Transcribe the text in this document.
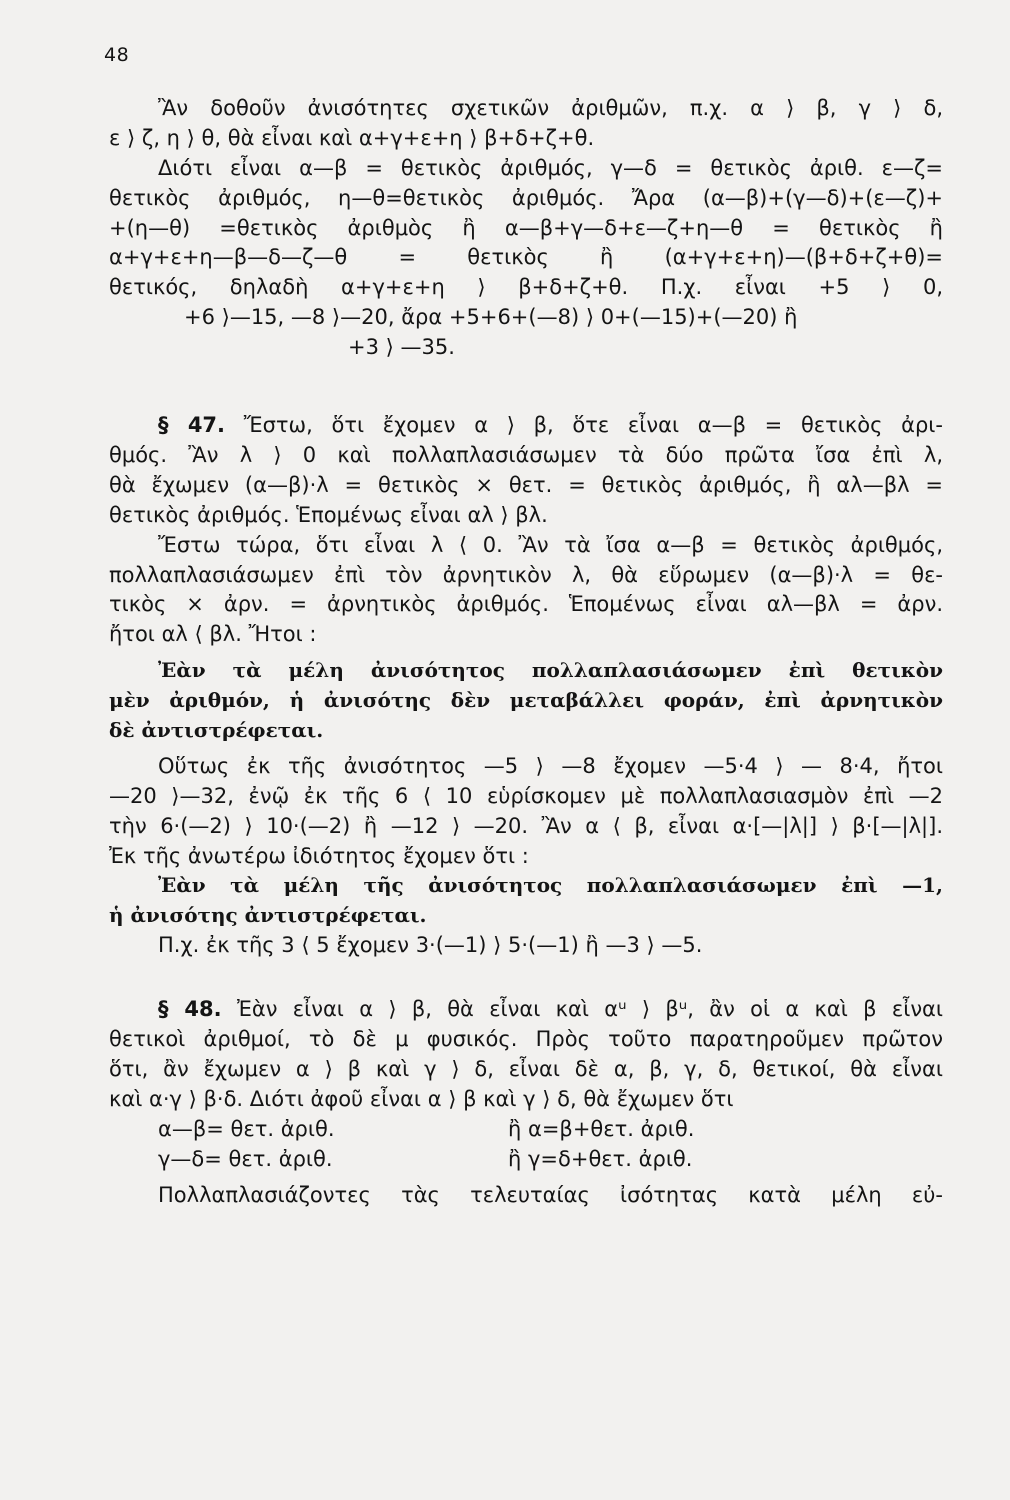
48
Ἂν δοθοῦν ἀνισότητες σχετικῶν ἀριθμῶν, π.χ. α ⟩ β, γ ⟩ δ,
ε ⟩ ζ, η ⟩ θ, θὰ εἶναι καὶ α+γ+ε+η ⟩ β+δ+ζ+θ.
Διότι εἶναι α—β = θετικὸς ἀριθμός, γ—δ = θετικὸς ἀριθ. ε—ζ=
θετικὸς ἀριθμός, η—θ=θετικὸς ἀριθμός. Ἄρα (α—β)+(γ—δ)+(ε—ζ)+
+(η—θ) =θετικὸς ἀριθμὸς ἢ α—β+γ—δ+ε—ζ+η—θ = θετικὸς ἢ
α+γ+ε+η—β—δ—ζ—θ = θετικὸς ἢ (α+γ+ε+η)—(β+δ+ζ+θ)=
θετικός, δηλαδὴ α+γ+ε+η ⟩ β+δ+ζ+θ. Π.χ. εἶναι +5 ⟩ 0,
+6 ⟩—15, —8 ⟩—20, ἄρα +5+6+(—8) ⟩ 0+(—15)+(—20) ἢ
+3 ⟩ —35.
§ 47. Ἔστω, ὅτι ἔχομεν α ⟩ β, ὅτε εἶναι α—β = θετικὸς ἀρι-
θμός. Ἂν λ ⟩ 0 καὶ πολλαπλασιάσωμεν τὰ δύο πρῶτα ἴσα ἐπὶ λ,
θὰ ἔχωμεν (α—β)·λ = θετικὸς × θετ. = θετικὸς ἀριθμός, ἢ αλ—βλ =
θετικὸς ἀριθμός. Ἑπομένως εἶναι αλ ⟩ βλ.
Ἔστω τώρα, ὅτι εἶναι λ ⟨ 0. Ἂν τὰ ἴσα α—β = θετικὸς ἀριθμός,
πολλαπλασιάσωμεν ἐπὶ τὸν ἀρνητικὸν λ, θὰ εὕρωμεν (α—β)·λ = θε-
τικὸς × ἀρν. = ἀρνητικὸς ἀριθμός. Ἑπομένως εἶναι αλ—βλ = ἀρν.
ἤτοι αλ ⟨ βλ. Ἤτοι :
Ἐὰν τὰ μέλη ἀνισότητος πολλαπλασιάσωμεν ἐπὶ θετικὸν
μὲν ἀριθμόν, ἡ ἀνισότης δὲν μεταβάλλει φοράν, ἐπὶ ἀρνητικὸν
δὲ ἀντιστρέφεται.
Οὕτως ἐκ τῆς ἀνισότητος —5 ⟩ —8 ἔχομεν —5·4 ⟩ — 8·4, ἤτοι
—20 ⟩—32, ἐνῷ ἐκ τῆς 6 ⟨ 10 εὑρίσκομεν μὲ πολλαπλασιασμὸν ἐπὶ —2
τὴν 6·(—2) ⟩ 10·(—2) ἢ —12 ⟩ —20. Ἂν α ⟨ β, εἶναι α·[—|λ|] ⟩ β·[—|λ|].
Ἐκ τῆς ἀνωτέρω ἰδιότητος ἔχομεν ὅτι :
Ἐὰν τὰ μέλη τῆς ἀνισότητος πολλαπλασιάσωμεν ἐπὶ —1,
ἡ ἀνισότης ἀντιστρέφεται.
Π.χ. ἐκ τῆς 3 ⟨ 5 ἔχομεν 3·(—1) ⟩ 5·(—1) ἢ —3 ⟩ —5.
§ 48. Ἐὰν εἶναι α ⟩ β, θὰ εἶναι καὶ αᵘ ⟩ βᵘ, ἂν οἱ α καὶ β εἶναι
θετικοὶ ἀριθμοί, τὸ δὲ μ φυσικός. Πρὸς τοῦτο παρατηροῦμεν πρῶτον
ὅτι, ἂν ἔχωμεν α ⟩ β καὶ γ ⟩ δ, εἶναι δὲ α, β, γ, δ, θετικοί, θὰ εἶναι
καὶ α·γ ⟩ β·δ. Διότι ἀφοῦ εἶναι α ⟩ β καὶ γ ⟩ δ, θὰ ἔχωμεν ὅτι
α—β= θετ. ἀριθ.	ἢ α=β+θετ. ἀριθ.
γ—δ= θετ. ἀριθ.	ἢ γ=δ+θετ. ἀριθ.
Πολλαπλασιάζοντες τὰς τελευταίας ἰσότητας κατὰ μέλη εὐ-
